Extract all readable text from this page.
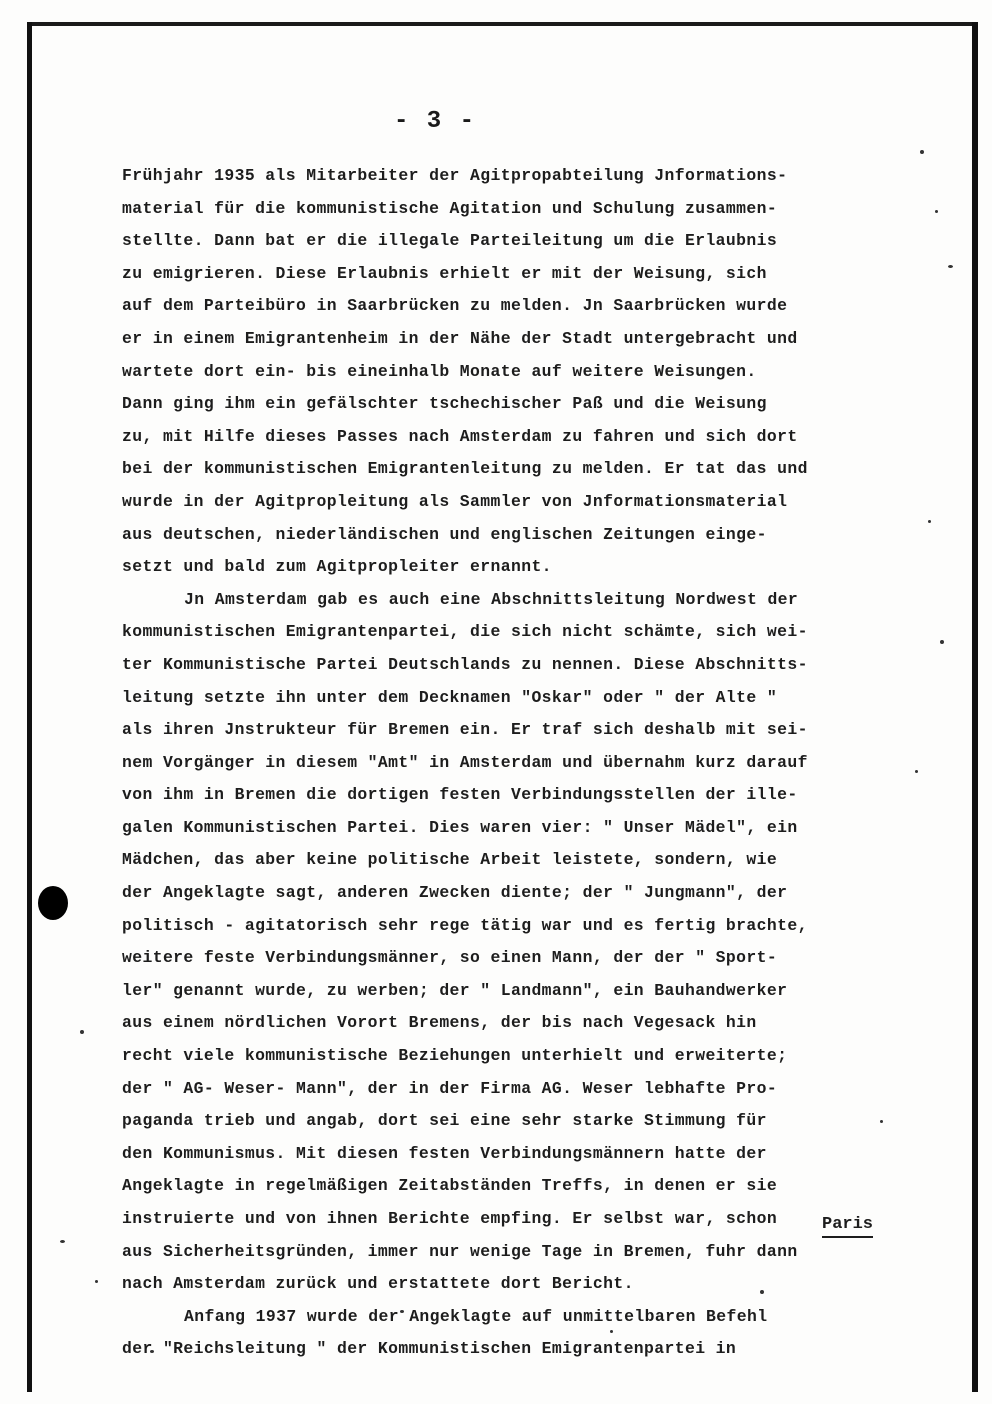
- 3 -
Frühjahr 1935 als Mitarbeiter der Agitpropabteilung Jnformations-
material für die kommunistische Agitation und Schulung zusammen-
stellte. Dann bat er die illegale Parteileitung um die Erlaubnis
zu emigrieren. Diese Erlaubnis erhielt er mit der Weisung, sich
auf dem Parteibüro in Saarbrücken zu melden. Jn Saarbrücken wurde
er in einem Emigrantenheim in der Nähe der Stadt untergebracht und
wartete dort ein- bis eineinhalb Monate auf weitere Weisungen.
Dann ging ihm ein gefälschter tschechischer Paß und die Weisung
zu, mit Hilfe dieses Passes nach Amsterdam zu fahren und sich dort
bei der kommunistischen Emigrantenleitung zu melden. Er tat das und
wurde in der Agitpropleitung als Sammler von Jnformationsmaterial
aus deutschen, niederländischen und englischen Zeitungen einge-
setzt und bald zum Agitpropleiter ernannt.
Jn Amsterdam gab es auch eine Abschnittsleitung Nordwest der
kommunistischen Emigrantenpartei, die sich nicht schämte, sich wei-
ter Kommunistische Partei Deutschlands zu nennen. Diese Abschnitts-
leitung setzte ihn unter dem Decknamen "Oskar" oder " der Alte "
als ihren Jnstrukteur für Bremen ein. Er traf sich deshalb mit sei-
nem Vorgänger in diesem "Amt" in Amsterdam und übernahm kurz darauf
von ihm in Bremen die dortigen festen Verbindungsstellen der ille-
galen Kommunistischen Partei. Dies waren vier: " Unser Mädel", ein
Mädchen, das aber keine politische Arbeit leistete, sondern, wie
der Angeklagte sagt, anderen Zwecken diente; der " Jungmann", der
politisch - agitatorisch sehr rege tätig war und es fertig brachte,
weitere feste Verbindungsmänner, so einen Mann, der der " Sport-
ler" genannt wurde, zu werben; der " Landmann", ein Bauhandwerker
aus einem nördlichen Vorort Bremens, der bis nach Vegesack hin
recht viele kommunistische Beziehungen unterhielt und erweiterte;
der " AG- Weser- Mann", der in der Firma AG. Weser lebhafte Pro-
paganda trieb und angab, dort sei eine sehr starke Stimmung für
den Kommunismus. Mit diesen festen Verbindungsmännern hatte der
Angeklagte in regelmäßigen Zeitabständen Treffs, in denen er sie
instruierte und von ihnen Berichte empfing. Er selbst war, schon
aus Sicherheitsgründen, immer nur wenige Tage in Bremen, fuhr dann
nach Amsterdam zurück und erstattete dort Bericht.
Anfang 1937 wurde der Angeklagte auf unmittelbaren Befehl
der "Reichsleitung " der Kommunistischen Emigrantenpartei in
Paris
